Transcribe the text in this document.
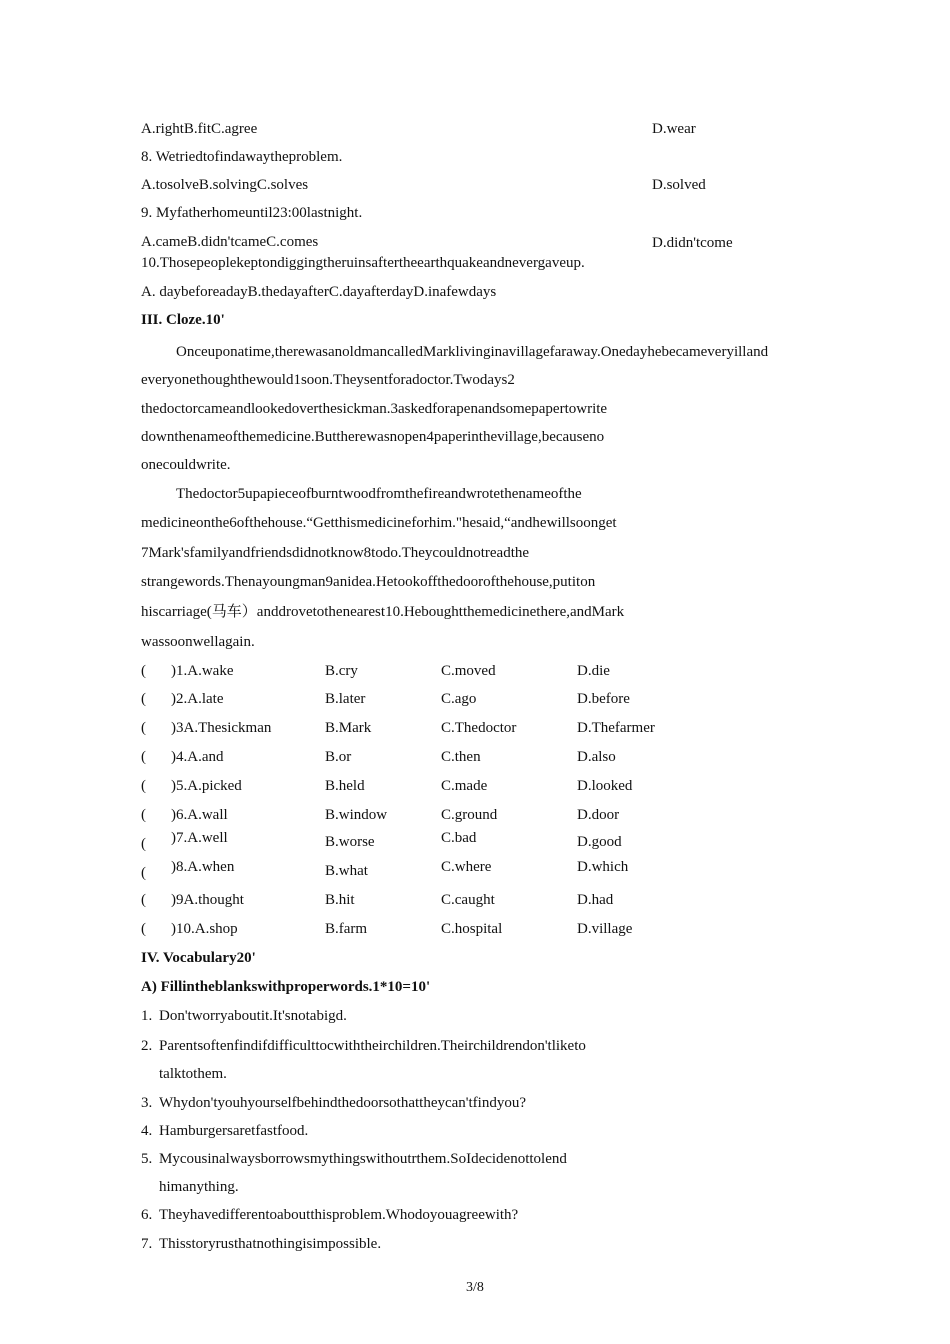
A.rightB.fitC.agree	D.wear
8. Wetriedtofindawaytheproblem.
A.tosolveB.solvingC.solves	D.solved
9. Myfatherhomeuntil23:00lastnight.
A.cameB.didn'tcameC.comes	D.didn'tcome
10.Thosepeoplekeptondiggingtheruinsaftertheearthquakeandnevergaveup.
A. daybeforeadayB.thedayafterC.dayafterdayD.inafewdays
III. Cloze.10'
Onceuponatime,therewasanoldmancalledMarklivinginavillagefaraway.Onedayhebecameveryilland
everyonethoughthewould1soon.Theysentforadoctor.Twodays2
thedoctorcameandlookedoverthesickman.3askedforapenandsomepapertowrite
downthenameofthemedicine.Buttherewasnopen4paperinthevillage,becauseno
onecouldwrite.
Thedoctor5upapieceofburntwoodfromthefireandwrotethenameofthe
medicineonthe6ofthehouse.“Getthismedicineforhim."hesaid,“andhewillsoonget
7Mark'sfamilyandfriendsdidnotknow8todo.Theycouldnotreadthe
strangewords.Thenayoungman9anidea.Hetookoffthedoorofthehouse,putiton
hiscarriage(马车）anddrovetothenearest10.Heboughtthemedicinethere,andMark
wassoonwellagain.
( )1.A.wake	B.cry	C.moved	D.die
( )2.A.late	B.later	C.ago	D.before
( )3A.Thesickman	B.Mark	C.Thedoctor	D.Thefarmer
( )4.A.and	B.or	C.then	D.also
( )5.A.picked	B.held	C.made	D.looked
( )6.A.wall	B.window	C.ground	D.door
( )7.A.well	B.worse	C.bad	D.good
( )8.A.when	B.what	C.where	D.which
( )9A.thought	B.hit	C.caught	D.had
( )10.A.shop	B.farm	C.hospital	D.village
IV. Vocabulary20'
A) Fillintheblankswithproperwords.1*10=10'
1. Don'tworryaboutit.It'snotabigd.
2. Parentsoftenfindifdifficulttocwiththeirchildren.Theirchildrendon'tliketo
talktothem.
3. Whydon'tyouhyourselfbehindthedoorsothattheycan'tfindyou?
4. Hamburgersaretfastfood.
5. Mycousinalwaysborrowsmythingswithoutrthem.SoIdecidenottolend
himanything.
6. Theyhavedifferentoaboutthisproblem.Whodoyouagreewith?
7. Thisstoryrusthatnothingisimpossible.
3/8
